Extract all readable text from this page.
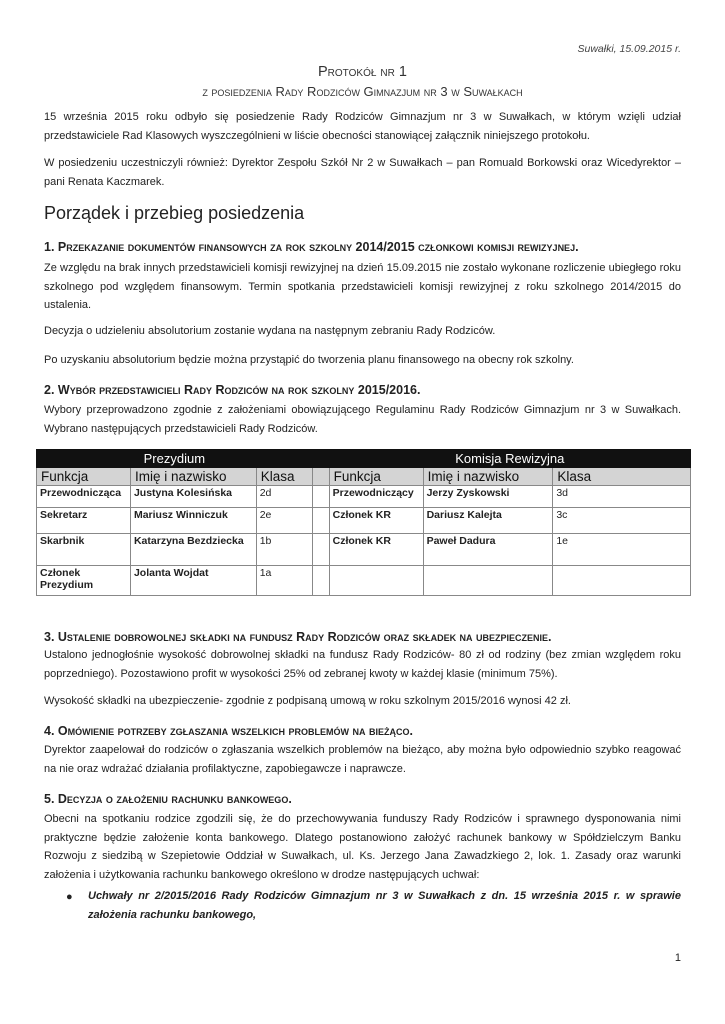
Suwałki, 15.09.2015 r.
Protokół nr 1
z posiedzenia Rady Rodziców Gimnazjum nr 3 w Suwałkach

15 września 2015 roku odbyło się posiedzenie Rady Rodziców Gimnazjum nr 3 w Suwałkach, w którym wzięli udział przedstawiciele Rad Klasowych wyszczególnieni w liście obecności stanowiącej załącznik niniejszego protokołu.

W posiedzeniu uczestniczyli również: Dyrektor Zespołu Szkół Nr 2 w Suwałkach – pan Romuald Borkowski oraz Wicedyrektor – pani Renata Kaczmarek.

Porządek i przebieg posiedzenia
1. Przekazanie dokumentów finansowych za rok szkolny 2014/2015 członkowi komisji rewizyjnej.

Ze względu na brak innych przedstawicieli komisji rewizyjnej na dzień 15.09.2015 nie zostało wykonane rozliczenie ubiegłego roku szkolnego pod względem finansowym. Termin spotkania przedstawicieli komisji rewizyjnej z roku szkolnego 2014/2015 do ustalenia.

Decyzja o udzieleniu absolutorium zostanie wydana na następnym zebraniu Rady Rodziców.

Po uzyskaniu absolutorium będzie można przystąpić do tworzenia planu finansowego na obecny rok szkolny.

2. Wybór przedstawicieli Rady Rodziców na rok szkolny 2015/2016.

Wybory przeprowadzono zgodnie z założeniami obowiązującego Regulaminu Rady Rodziców Gimnazjum nr 3 w Suwałkach. Wybrano następujących przedstawicieli Rady Rodziców.

Prezydium				Komisja Rewizyjna		
Funkcja	Imię i nazwisko	Klasa		Funkcja	Imię i nazwisko	Klasa
Przewodnicząca	Justyna Kolesińska	2d		Przewodniczący	Jerzy Zyskowski	3d
Sekretarz	Mariusz Winniczuk	2e		Członek KR	Dariusz Kalejta	3c
Skarbnik	Katarzyna Bezdziecka	1b		Członek KR	Paweł Dadura	1e
Członek Prezydium	Jolanta Wojdat	1a				
3. Ustalenie dobrowolnej składki na fundusz Rady Rodziców oraz składek na ubezpieczenie.

Ustalono jednogłośnie wysokość dobrowolnej składki na fundusz Rady Rodziców- 80 zł od rodziny (bez zmian względem roku poprzedniego). Pozostawiono profit w wysokości 25% od zebranej kwoty w każdej klasie (minimum 75%).

Wysokość składki na ubezpieczenie- zgodnie z podpisaną umową w roku szkolnym 2015/2016 wynosi 42 zł.

4. Omówienie potrzeby zgłaszania wszelkich problemów na bieżąco.

Dyrektor zaapelował do rodziców o zgłaszania wszelkich problemów na bieżąco, aby można było odpowiednio szybko reagować na nie oraz wdrażać działania profilaktyczne, zapobiegawcze i naprawcze.

5. Decyzja o założeniu rachunku bankowego.

Obecni na spotkaniu rodzice zgodzili się, że do przechowywania funduszy Rady Rodziców i sprawnego dysponowania nimi praktyczne będzie założenie konta bankowego. Dlatego postanowiono założyć rachunek bankowy w Spółdzielczym Banku Rozwoju z siedzibą w Szepietowie Oddział w Suwałkach, ul. Ks. Jerzego Jana Zawadzkiego 2, lok. 1. Zasady oraz warunki założenia i użytkowania rachunku bankowego określono w drodze następujących uchwał:

● Uchwały nr 2/2015/2016 Rady Rodziców Gimnazjum nr 3 w Suwałkach z dn. 15 września 2015 r. w sprawie założenia rachunku bankowego,
1
